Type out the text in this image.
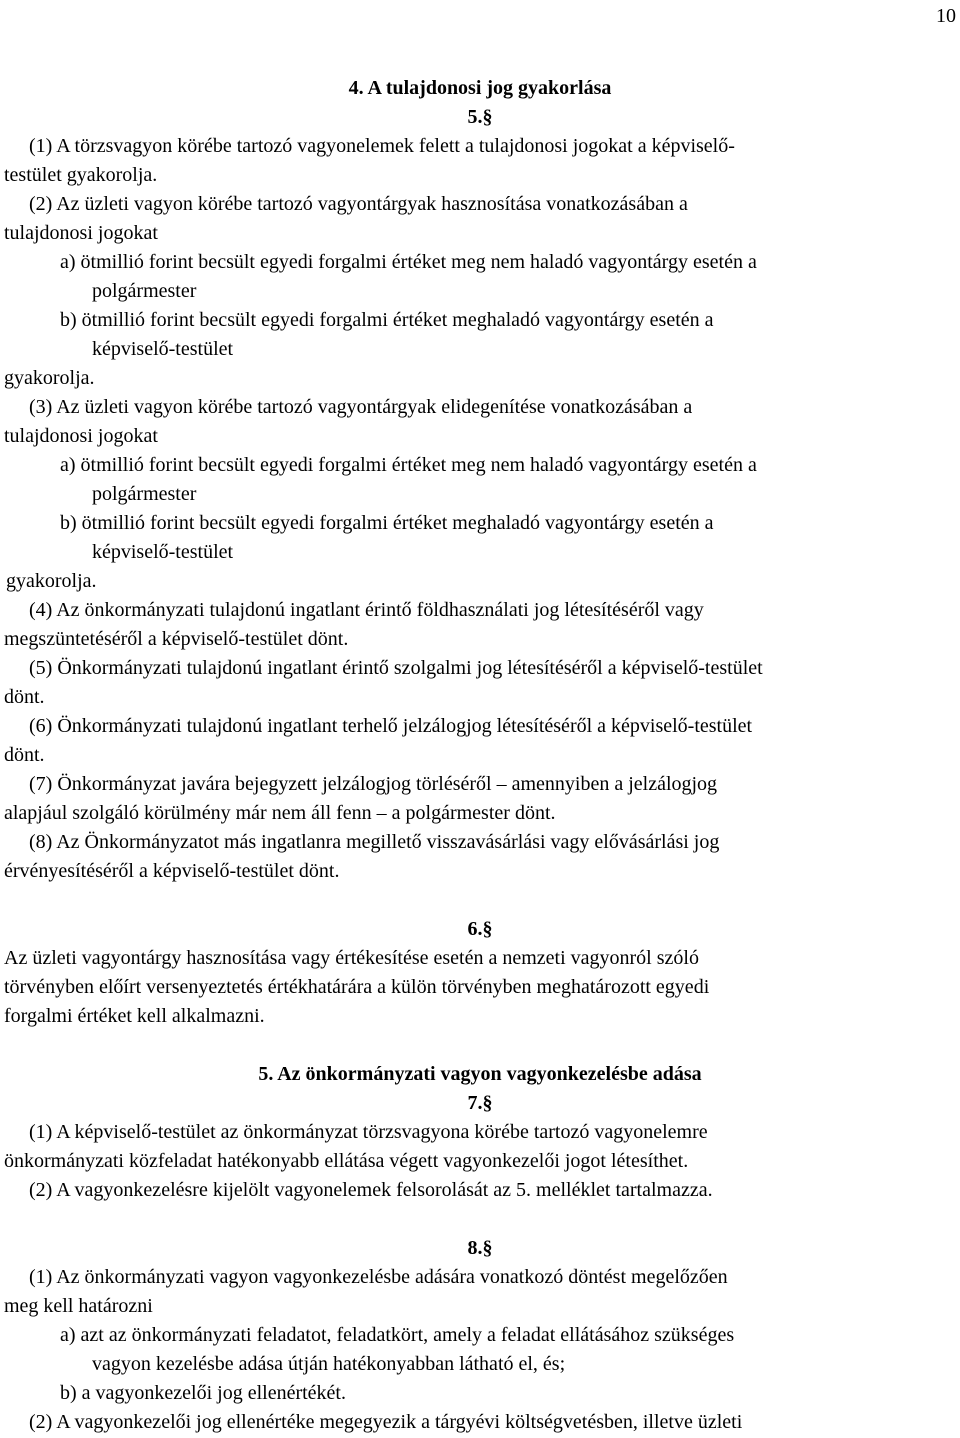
10
4. A tulajdonosi jog gyakorlása
5.§
(1) A törzsvagyon körébe tartozó vagyonelemek felett a tulajdonosi jogokat a képviselő-
testület gyakorolja.
(2) Az üzleti vagyon körébe tartozó vagyontárgyak hasznosítása vonatkozásában a
tulajdonosi jogokat
a) ötmillió forint becsült egyedi forgalmi értéket meg nem haladó vagyontárgy esetén a
polgármester
b) ötmillió forint becsült egyedi forgalmi értéket meghaladó vagyontárgy esetén a
képviselő-testület
gyakorolja.
(3) Az üzleti vagyon körébe tartozó vagyontárgyak elidegenítése vonatkozásában a
tulajdonosi jogokat
a) ötmillió forint becsült egyedi forgalmi értéket meg nem haladó vagyontárgy esetén a
polgármester
b) ötmillió forint becsült egyedi forgalmi értéket meghaladó vagyontárgy esetén a
képviselő-testület
gyakorolja.
(4) Az önkormányzati tulajdonú ingatlant érintő földhasználati jog létesítéséről vagy
megszüntetéséről a képviselő-testület dönt.
(5) Önkormányzati tulajdonú ingatlant érintő szolgalmi jog létesítéséről a képviselő-testület
dönt.
(6) Önkormányzati tulajdonú ingatlant terhelő jelzálogjog létesítéséről a képviselő-testület
dönt.
(7) Önkormányzat javára bejegyzett jelzálogjog törléséről – amennyiben a jelzálogjog
alapjául szolgáló körülmény már nem áll fenn – a polgármester dönt.
(8) Az Önkormányzatot más ingatlanra megillető visszavásárlási vagy elővásárlási jog
érvényesítéséről a képviselő-testület dönt.
6.§
Az üzleti vagyontárgy hasznosítása vagy értékesítése esetén a nemzeti vagyonról szóló
törvényben előírt versenyeztetés értékhatárára a külön törvényben meghatározott egyedi
forgalmi értéket kell alkalmazni.
5. Az önkormányzati vagyon vagyonkezelésbe adása
7.§
(1) A képviselő-testület az önkormányzat törzsvagyona körébe tartozó vagyonelemre
önkormányzati közfeladat hatékonyabb ellátása végett vagyonkezelői jogot létesíthet.
(2) A vagyonkezelésre kijelölt vagyonelemek felsorolását az 5. melléklet tartalmazza.
8.§
(1) Az önkormányzati vagyon vagyonkezelésbe adására vonatkozó döntést megelőzően
meg kell határozni
a) azt az önkormányzati feladatot, feladatkört, amely a feladat ellátásához szükséges
vagyon kezelésbe adása útján hatékonyabban látható el, és;
b) a vagyonkezelői jog ellenértékét.
(2) A vagyonkezelői jog ellenértéke megegyezik a tárgyévi költségvetésben, illetve üzleti
